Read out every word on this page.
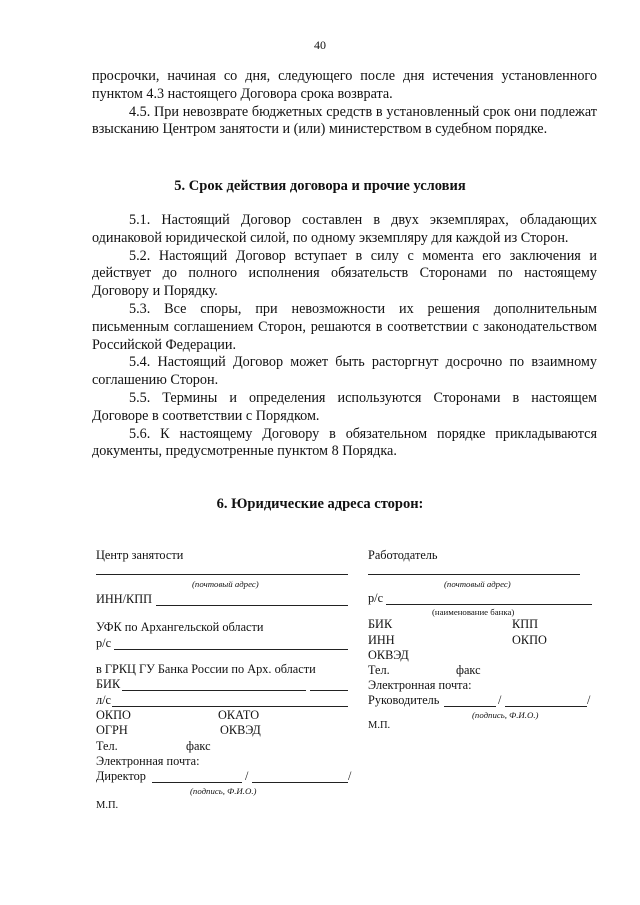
40

просрочки, начиная со дня, следующего после дня истечения установленного пунктом 4.3 настоящего Договора срока возврата.

4.5. При невозврате бюджетных средств в установленный срок они подлежат взысканию Центром занятости и (или) министерством в судебном порядке.

5. Срок действия договора и прочие условия

5.1. Настоящий Договор составлен в двух экземплярах, обладающих одинаковой юридической силой, по одному экземпляру для каждой из Сторон.

5.2. Настоящий Договор вступает в силу с момента его заключения и действует до полного исполнения обязательств Сторонами по настоящему Договору и Порядку.

5.3. Все споры, при невозможности их решения дополнительным письменным соглашением Сторон, решаются в соответствии с законодательством Российской Федерации.

5.4. Настоящий Договор может быть расторгнут досрочно по взаимному соглашению Сторон.

5.5. Термины и определения используются Сторонами в настоящем Договоре в соответствии с Порядком.

5.6. К настоящему Договору в обязательном порядке прикладываются документы, предусмотренные пунктом 8 Порядка.

6. Юридические адреса сторон:
Центр занятости
(почтовый адрес)
ИНН/КПП
УФК по Архангельской области
р/с
в ГРКЦ ГУ Банка России по Арх. области
БИК
л/с
ОКПО	ОКАТО
ОГРН	ОКВЭД
Тел.	факс
Электронная почта:
Директор	/	/
(подпись, Ф.И.О.)
М.П.
Работодатель
(почтовый адрес)
р/с
(наименование банка)
БИК	КПП
ИНН	ОКПО
ОКВЭД
Тел.	факс
Электронная почта:
Руководитель	/	/
(подпись, Ф.И.О.)
М.П.
